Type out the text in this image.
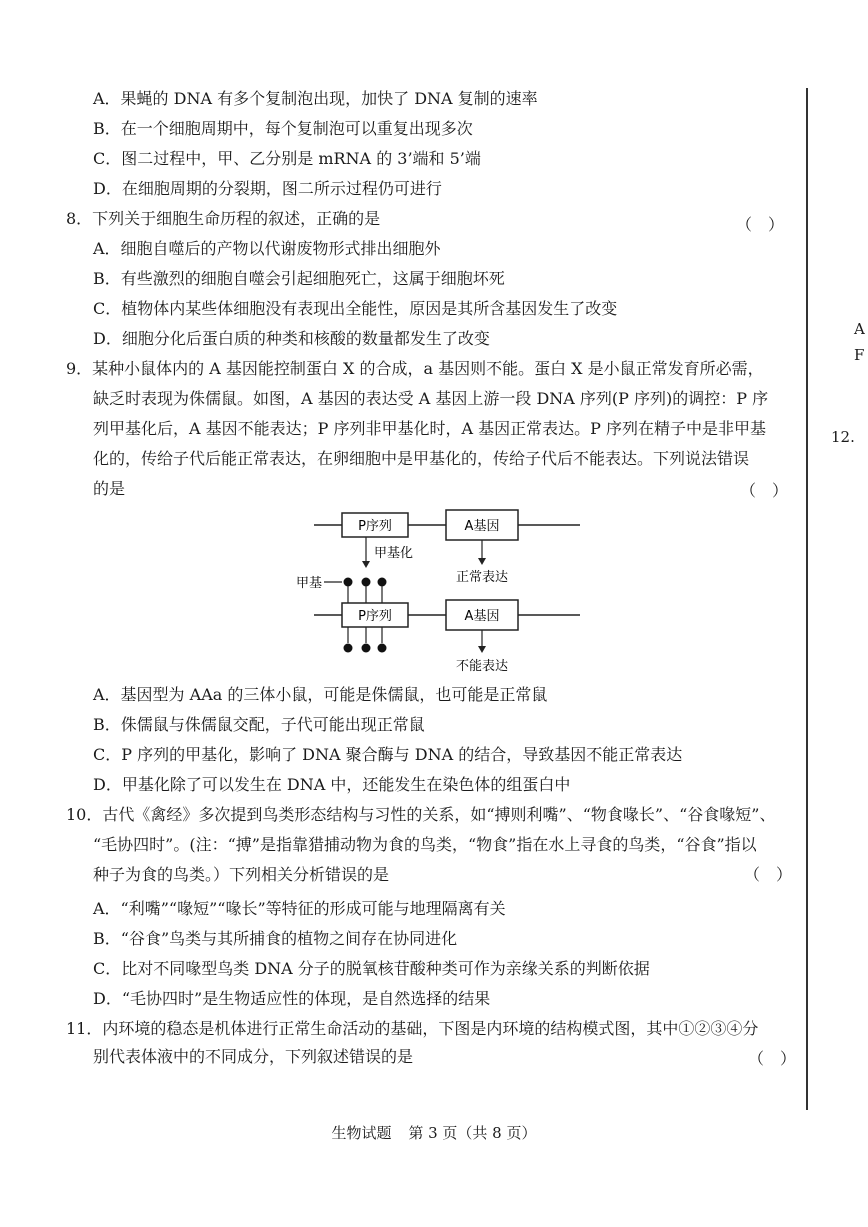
A
F
12.
A．果蝇的 DNA 有多个复制泡出现，加快了 DNA 复制的速率
B．在一个细胞周期中，每个复制泡可以重复出现多次
C．图二过程中，甲、乙分别是 mRNA 的 3’端和 5’端
D．在细胞周期的分裂期，图二所示过程仍可进行
8．下列关于细胞生命历程的叙述，正确的是	（　）
A．细胞自噬后的产物以代谢废物形式排出细胞外
B．有些激烈的细胞自噬会引起细胞死亡，这属于细胞坏死
C．植物体内某些体细胞没有表现出全能性，原因是其所含基因发生了改变
D．细胞分化后蛋白质的种类和核酸的数量都发生了改变
9．某种小鼠体内的 A 基因能控制蛋白 X 的合成，a 基因则不能。蛋白 X 是小鼠正常发育所必需，
缺乏时表现为侏儒鼠。如图，A 基因的表达受 A 基因上游一段 DNA 序列(P 序列)的调控：P 序
列甲基化后，A 基因不能表达；P 序列非甲基化时，A 基因正常表达。P 序列在精子中是非甲基
化的，传给子代后能正常表达，在卵细胞中是甲基化的，传给子代后不能表达。下列说法错误
的是	（　）
P序列	A基因
甲基化
正常表达
甲基
P序列	A基因
不能表达
A．基因型为 AAa 的三体小鼠，可能是侏儒鼠，也可能是正常鼠
B．侏儒鼠与侏儒鼠交配，子代可能出现正常鼠
C．P 序列的甲基化，影响了 DNA 聚合酶与 DNA 的结合，导致基因不能正常表达
D．甲基化除了可以发生在 DNA 中，还能发生在染色体的组蛋白中
10．古代《禽经》多次提到鸟类形态结构与习性的关系，如“搏则利嘴”、“物食喙长”、“谷食喙短”、
“毛协四时”。(注：“搏”是指靠猎捕动物为食的鸟类，“物食”指在水上寻食的鸟类，“谷食”指以
种子为食的鸟类。）下列相关分析错误的是	（　）
A．“利嘴”“喙短”“喙长”等特征的形成可能与地理隔离有关
B．“谷食”鸟类与其所捕食的植物之间存在协同进化
C．比对不同喙型鸟类 DNA 分子的脱氧核苷酸种类可作为亲缘关系的判断依据
D．“毛协四时”是生物适应性的体现，是自然选择的结果
11．内环境的稳态是机体进行正常生命活动的基础，下图是内环境的结构模式图，其中①②③④分
别代表体液中的不同成分，下列叙述错误的是	（　）
生物试题 第 3 页（共 8 页）
